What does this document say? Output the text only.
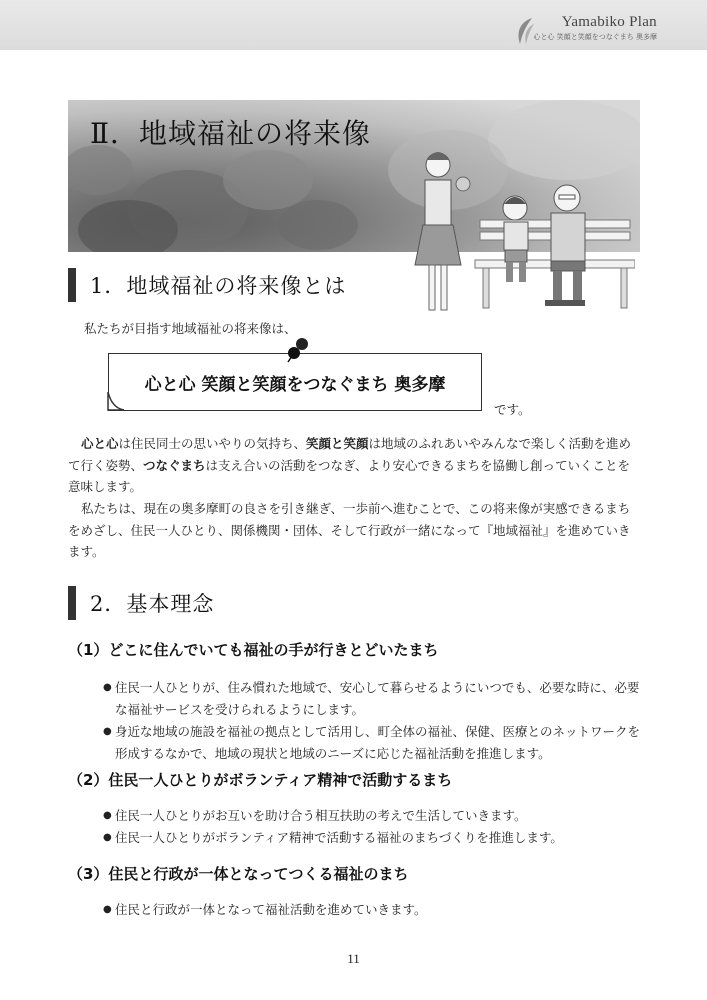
Yamabiko Plan
心と心 笑顔と笑顔をつなぐまち 奥多摩
Ⅱ．地域福祉の将来像
1．地域福祉の将来像とは
私たちが目指す地域福祉の将来像は、
心と心 笑顔と笑顔をつなぐまち 奥多摩
です。
心と心は住民同士の思いやりの気持ち、笑顔と笑顔は地域のふれあいやみんなで楽しく活動を進めて行く姿勢、つなぐまちは支え合いの活動をつなぎ、より安心できるまちを協働し創っていくことを意味します。
私たちは、現在の奥多摩町の良さを引き継ぎ、一歩前へ進むことで、この将来像が実感できるまちをめざし、住民一人ひとり、関係機関・団体、そして行政が一緒になって『地域福祉』を進めていきます。
2．基本理念
（1）どこに住んでいても福祉の手が行きとどいたまち
● 住民一人ひとりが、住み慣れた地域で、安心して暮らせるようにいつでも、必要な時に、必要な福祉サービスを受けられるようにします。
● 身近な地域の施設を福祉の拠点として活用し、町全体の福祉、保健、医療とのネットワークを形成するなかで、地域の現状と地域のニーズに応じた福祉活動を推進します。
（2）住民一人ひとりがボランティア精神で活動するまち
● 住民一人ひとりがお互いを助け合う相互扶助の考えで生活していきます。
● 住民一人ひとりがボランティア精神で活動する福祉のまちづくりを推進します。
（3）住民と行政が一体となってつくる福祉のまち
● 住民と行政が一体となって福祉活動を進めていきます。
11
